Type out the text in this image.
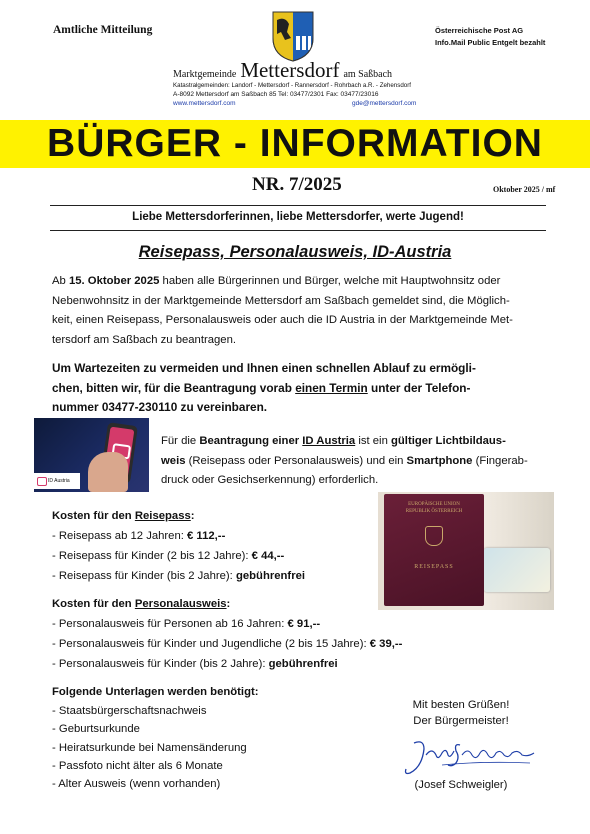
Amtliche Mitteilung	Österreichische Post AG
Info.Mail Public Entgelt bezahlt
Marktgemeinde Mettersdorf am Saßbach
Katastralgemeinden: Landorf - Mettersdorf - Rannersdorf - Rohrbach a.R. - Zehensdorf
A-8092 Mettersdorf am Saßbach 85 Tel: 03477/2301 Fax: 03477/23016
www.mettersdorf.com	gde@mettersdorf.com
BÜRGER - INFORMATION
NR. 7/2025	Oktober 2025 / mf
Liebe Mettersdorferinnen, liebe Mettersdorfer, werte Jugend!
Reisepass, Personalausweis, ID-Austria
Ab 15. Oktober 2025 haben alle Bürgerinnen und Bürger, welche mit Hauptwohnsitz oder
Nebenwohnsitz in der Marktgemeinde Mettersdorf am Saßbach gemeldet sind, die Möglich-
keit, einen Reisepass, Personalausweis oder auch die ID Austria in der Marktgemeinde Met-
tersdorf am Saßbach zu beantragen.
Um Wartezeiten zu vermeiden und Ihnen einen schnellen Ablauf zu ermögli-
chen, bitten wir, für die Beantragung vorab einen Termin unter der Telefon-
nummer 03477-230110 zu vereinbaren.
ID Austria
Für die Beantragung einer ID Austria ist ein gültiger Lichtbildaus-
weis (Reisepass oder Personalausweis) und ein Smartphone (Fingerab-
druck oder Gesichserkennung) erforderlich.
Kosten für den Reisepass:
- Reisepass ab 12 Jahren: € 112,--
- Reisepass für Kinder (2 bis 12 Jahre): € 44,--
- Reisepass für Kinder (bis 2 Jahre): gebührenfrei
EUROPÄISCHE UNION
REPUBLIK ÖSTERREICH
REISEPASS
Kosten für den Personalausweis:
- Personalausweis für Personen ab 16 Jahren: € 91,--
- Personalausweis für Kinder und Jugendliche (2 bis 15 Jahre): € 39,--
- Personalausweis für Kinder (bis 2 Jahre): gebührenfrei
Folgende Unterlagen werden benötigt:
- Staatsbürgerschaftsnachweis
- Geburtsurkunde
- Heiratsurkunde bei Namensänderung
- Passfoto nicht älter als 6 Monate
- Alter Ausweis (wenn vorhanden)
Mit besten Grüßen!
Der Bürgermeister!
(Josef Schweigler)
